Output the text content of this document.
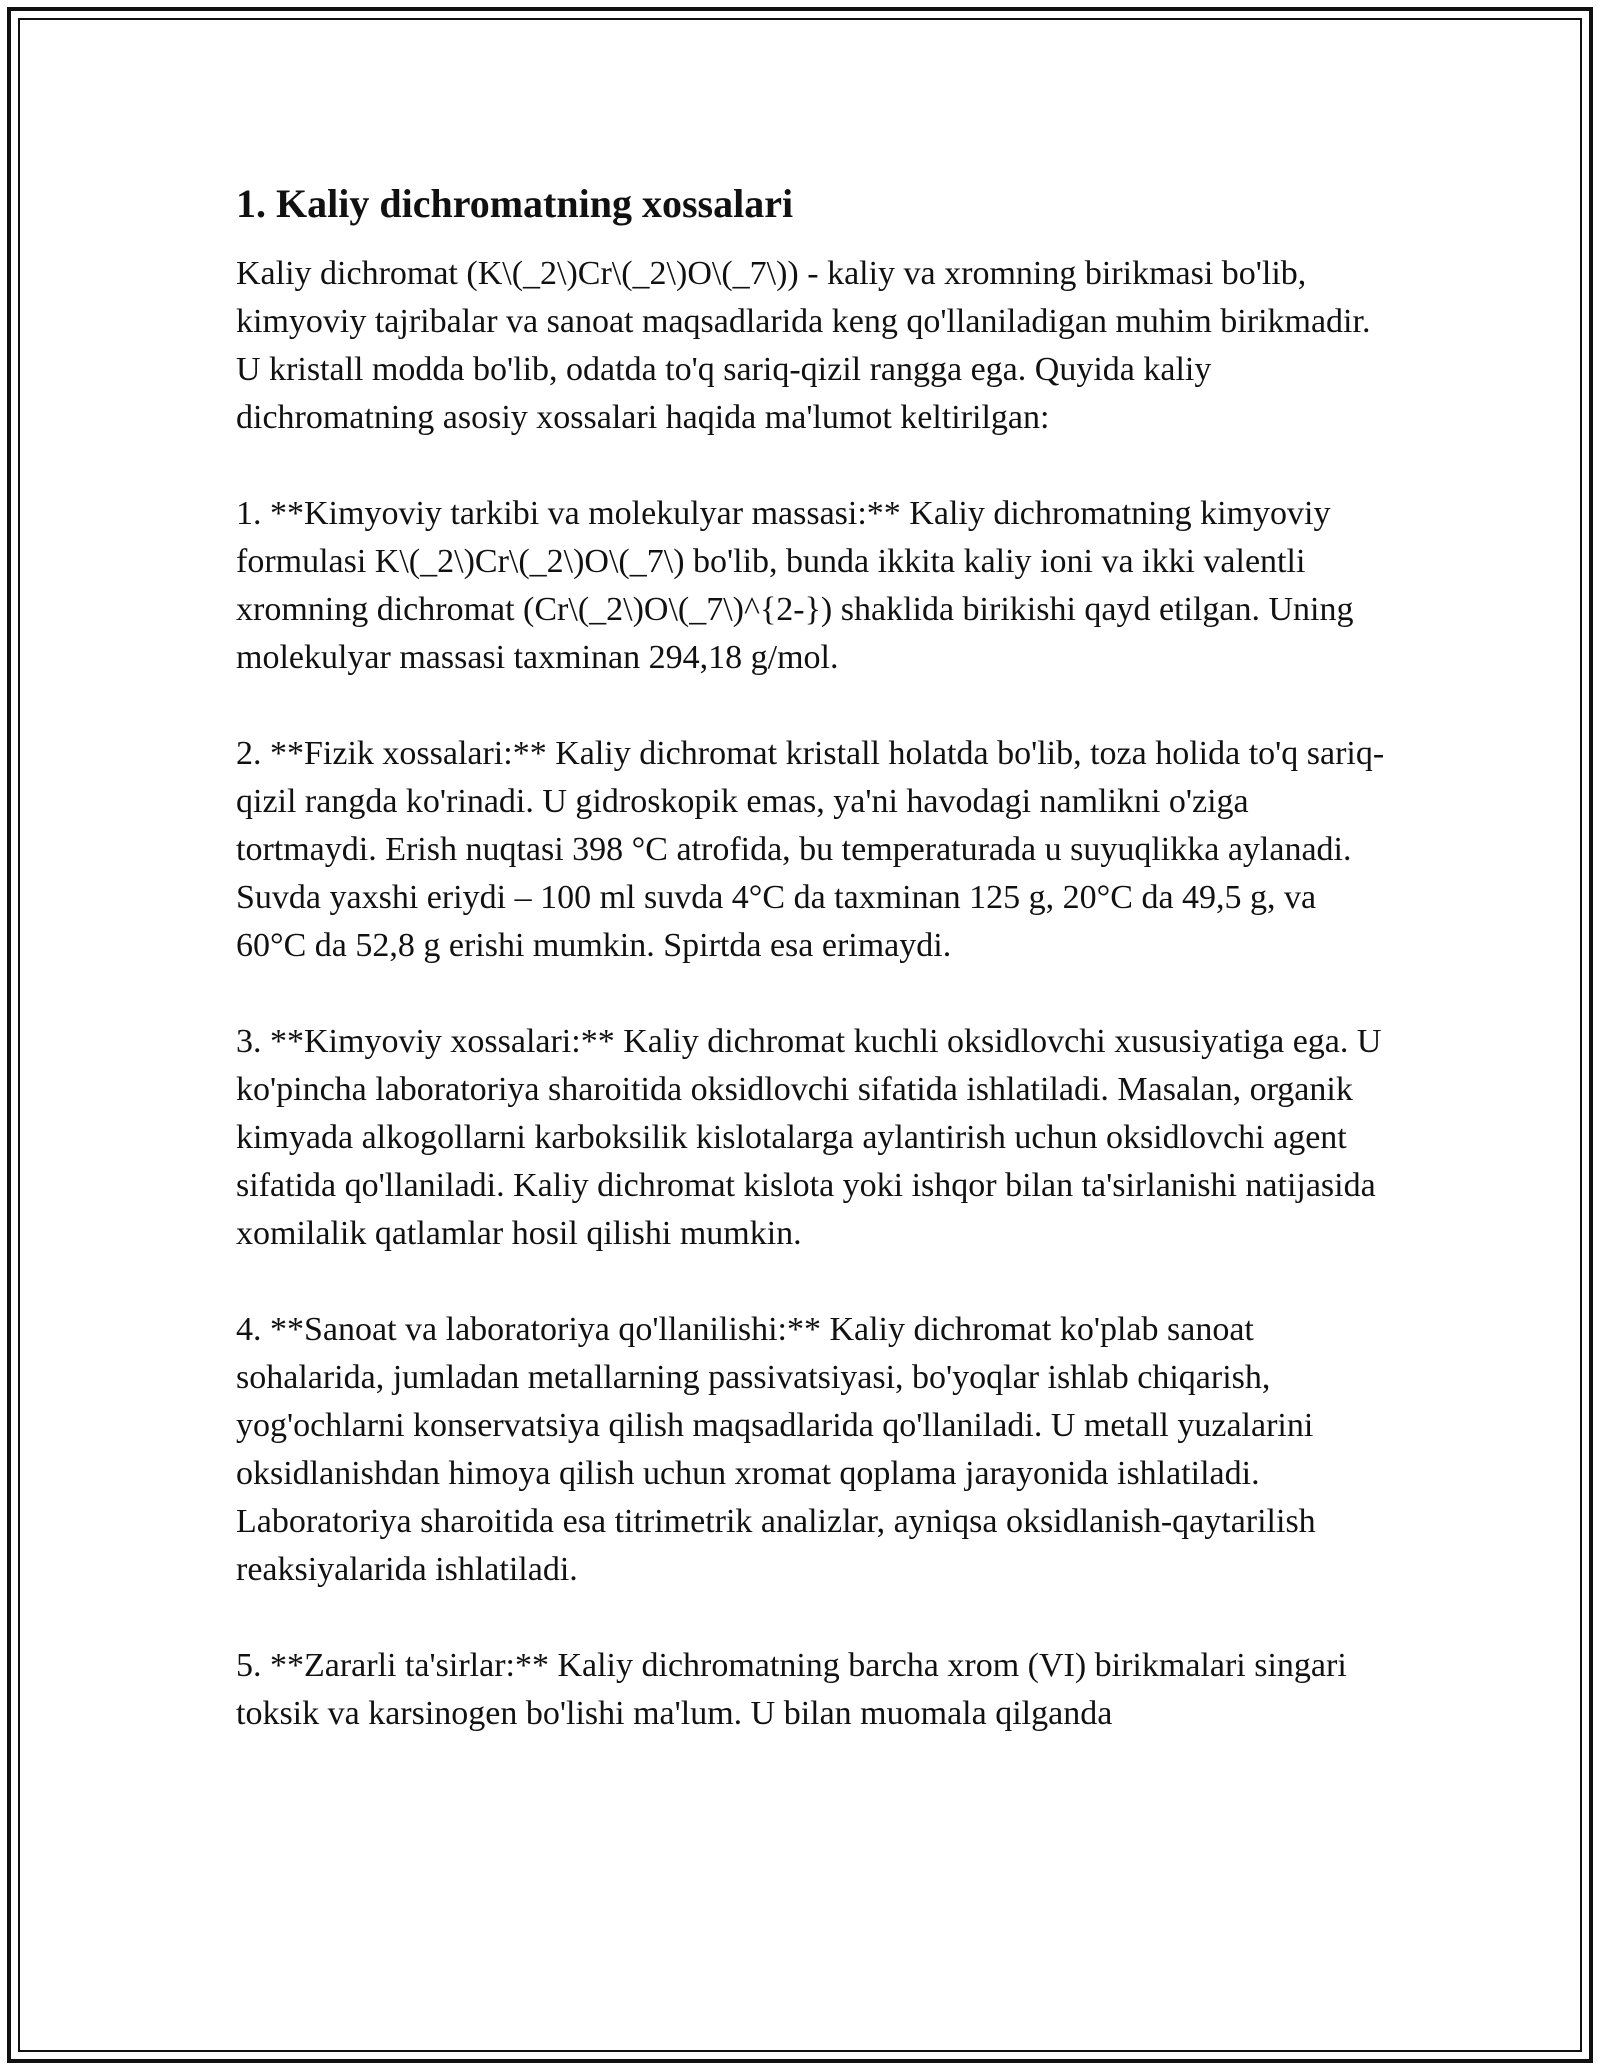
1. Kaliy dichromatning xossalari

Kaliy dichromat (K\(_2\)Cr\(_2\)O\(_7\)) - kaliy va xromning birikmasi bo'lib, kimyoviy tajribalar va sanoat maqsadlarida keng qo'llaniladigan muhim birikmadir. U kristall modda bo'lib, odatda to'q sariq-qizil rangga ega. Quyida kaliy dichromatning asosiy xossalari haqida ma'lumot keltirilgan:

1. **Kimyoviy tarkibi va molekulyar massasi:** Kaliy dichromatning kimyoviy formulasi K\(_2\)Cr\(_2\)O\(_7\) bo'lib, bunda ikkita kaliy ioni va ikki valentli xromning dichromat (Cr\(_2\)O\(_7\)^{2-}) shaklida birikishi qayd etilgan. Uning molekulyar massasi taxminan 294,18 g/mol.

2. **Fizik xossalari:** Kaliy dichromat kristall holatda bo'lib, toza holida to'q sariq-qizil rangda ko'rinadi. U gidroskopik emas, ya'ni havodagi namlikni o'ziga tortmaydi. Erish nuqtasi 398 °C atrofida, bu temperaturada u suyuqlikka aylanadi. Suvda yaxshi eriydi – 100 ml suvda 4°C da taxminan 125 g, 20°C da 49,5 g, va 60°C da 52,8 g erishi mumkin. Spirtda esa erimaydi.

3. **Kimyoviy xossalari:** Kaliy dichromat kuchli oksidlovchi xususiyatiga ega. U ko'pincha laboratoriya sharoitida oksidlovchi sifatida ishlatiladi. Masalan, organik kimyada alkogollarni karboksilik kislotalarga aylantirish uchun oksidlovchi agent sifatida qo'llaniladi. Kaliy dichromat kislota yoki ishqor bilan ta'sirlanishi natijasida xomilalik qatlamlar hosil qilishi mumkin.

4. **Sanoat va laboratoriya qo'llanilishi:** Kaliy dichromat ko'plab sanoat sohalarida, jumladan metallarning passivatsiyasi, bo'yoqlar ishlab chiqarish, yog'ochlarni konservatsiya qilish maqsadlarida qo'llaniladi. U metall yuzalarini oksidlanishdan himoya qilish uchun xromat qoplama jarayonida ishlatiladi. Laboratoriya sharoitida esa titrimetrik analizlar, ayniqsa oksidlanish-qaytarilish reaksiyalarida ishlatiladi.

5. **Zararli ta'sirlar:** Kaliy dichromatning barcha xrom (VI) birikmalari singari toksik va karsinogen bo'lishi ma'lum. U bilan muomala qilganda
